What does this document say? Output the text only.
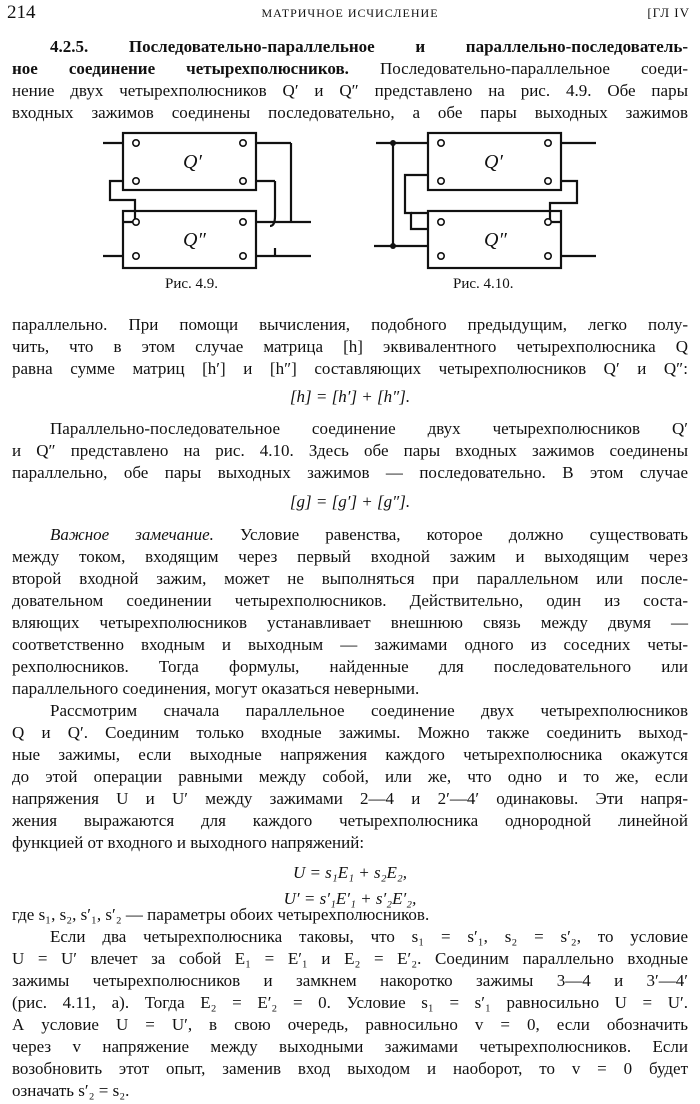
214	МАТРИЧНОЕ ИСЧИСЛЕНИЕ	[ГЛ IV
4.2.5. Последовательно-параллельное и параллельно-последователь-
ное соединение четырехполюсников. Последовательно-параллельное соеди-
нение двух четырехполюсников Q′ и Q″ представлено на рис. 4.9. Обе пары
входных зажимов соединены последовательно, а обе пары выходных зажимов
Q′
Q″
Q′
Q″
Рис. 4.9.	Рис. 4.10.
параллельно. При помощи вычисления, подобного предыдущим, легко полу-
чить, что в этом случае матрица [h] эквивалентного четырехполюсника Q
равна сумме матриц [h′] и [h″] составляющих четырехполюсников Q′ и Q″:
[h] = [h′] + [h″].
Параллельно-последовательное соединение двух четырехполюсников Q′
и Q″ представлено на рис. 4.10. Здесь обе пары входных зажимов соединены
параллельно, обе пары выходных зажимов — последовательно. В этом случае
[g] = [g′] + [g″].
Важное замечание. Условие равенства, которое должно существовать
между током, входящим через первый входной зажим и выходящим через
второй входной зажим, может не выполняться при параллельном или после-
довательном соединении четырехполюсников. Действительно, один из соста-
вляющих четырехполюсников устанавливает внешнюю связь между двумя —
соответственно входным и выходным — зажимами одного из соседних четы-
рехполюсников. Тогда формулы, найденные для последовательного или
параллельного соединения, могут оказаться неверными.
Рассмотрим сначала параллельное соединение двух четырехполюсников
Q и Q′. Соединим только входные зажимы. Можно также соединить выход-
ные зажимы, если выходные напряжения каждого четырехполюсника окажутся
до этой операции равными между собой, или же, что одно и то же, если
напряжения U и U′ между зажимами 2—4 и 2′—4′ одинаковы. Эти напря-
жения выражаются для каждого четырехполюсника однородной линейной
функцией от входного и выходного напряжений:
U = s₁E₁ + s₂E₂,
U′ = s′₁E′₁ + s′₂E′₂,
где s₁, s₂, s′₁, s′₂ — параметры обоих четырехполюсников.
Если два четырехполюсника таковы, что s₁ = s′₁, s₂ = s′₂, то условие
U = U′ влечет за собой E₁ = E′₁ и E₂ = E′₂. Соединим параллельно входные
зажимы четырехполюсников и замкнем накоротко зажимы 3—4 и 3′—4′
(рис. 4.11, а). Тогда E₂ = E′₂ = 0. Условие s₁ = s′₁ равносильно U = U′.
А условие U = U′, в свою очередь, равносильно v = 0, если обозначить
через v напряжение между выходными зажимами четырехполюсников. Если
возобновить этот опыт, заменив вход выходом и наоборот, то v = 0 будет
означать s′₂ = s₂.
